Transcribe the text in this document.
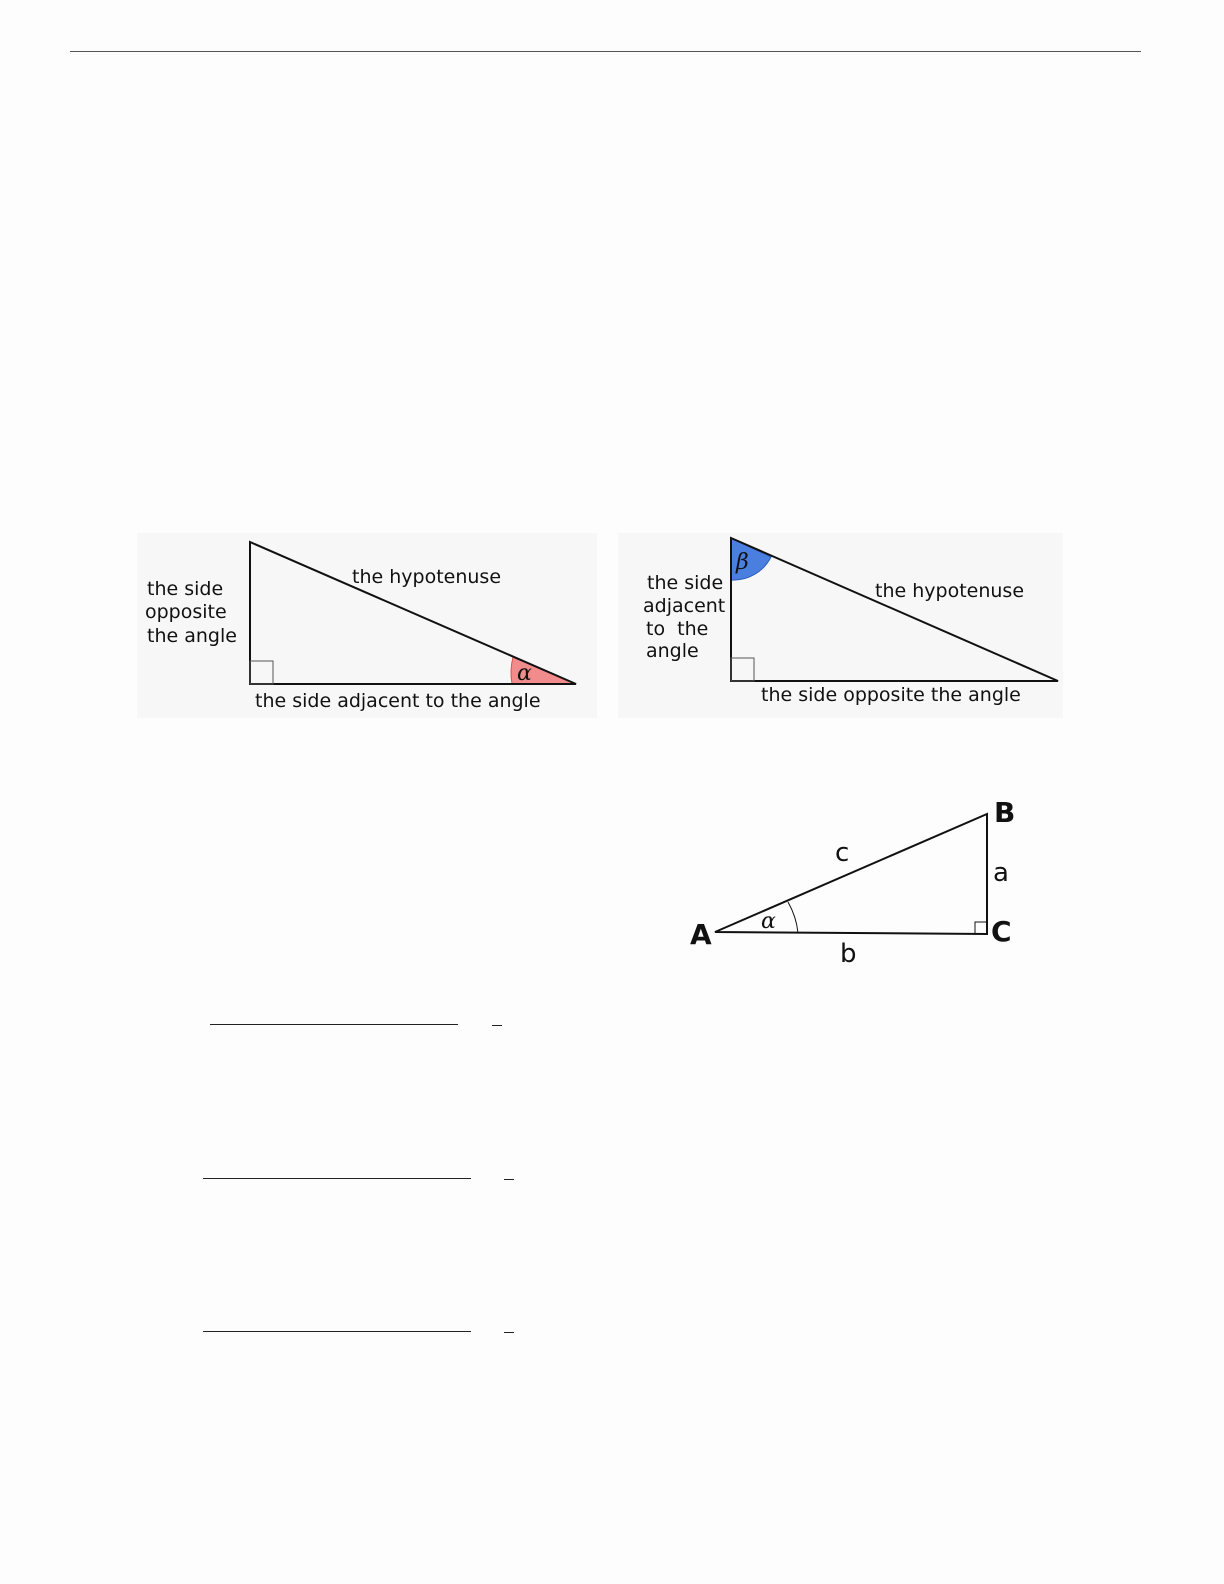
the side
opposite
the angle
the hypotenuse
the side adjacent to the angle
α
the side
adjacent
to  the
angle
the hypotenuse
the side opposite the angle
β
A
B
C
a
b
c
α
